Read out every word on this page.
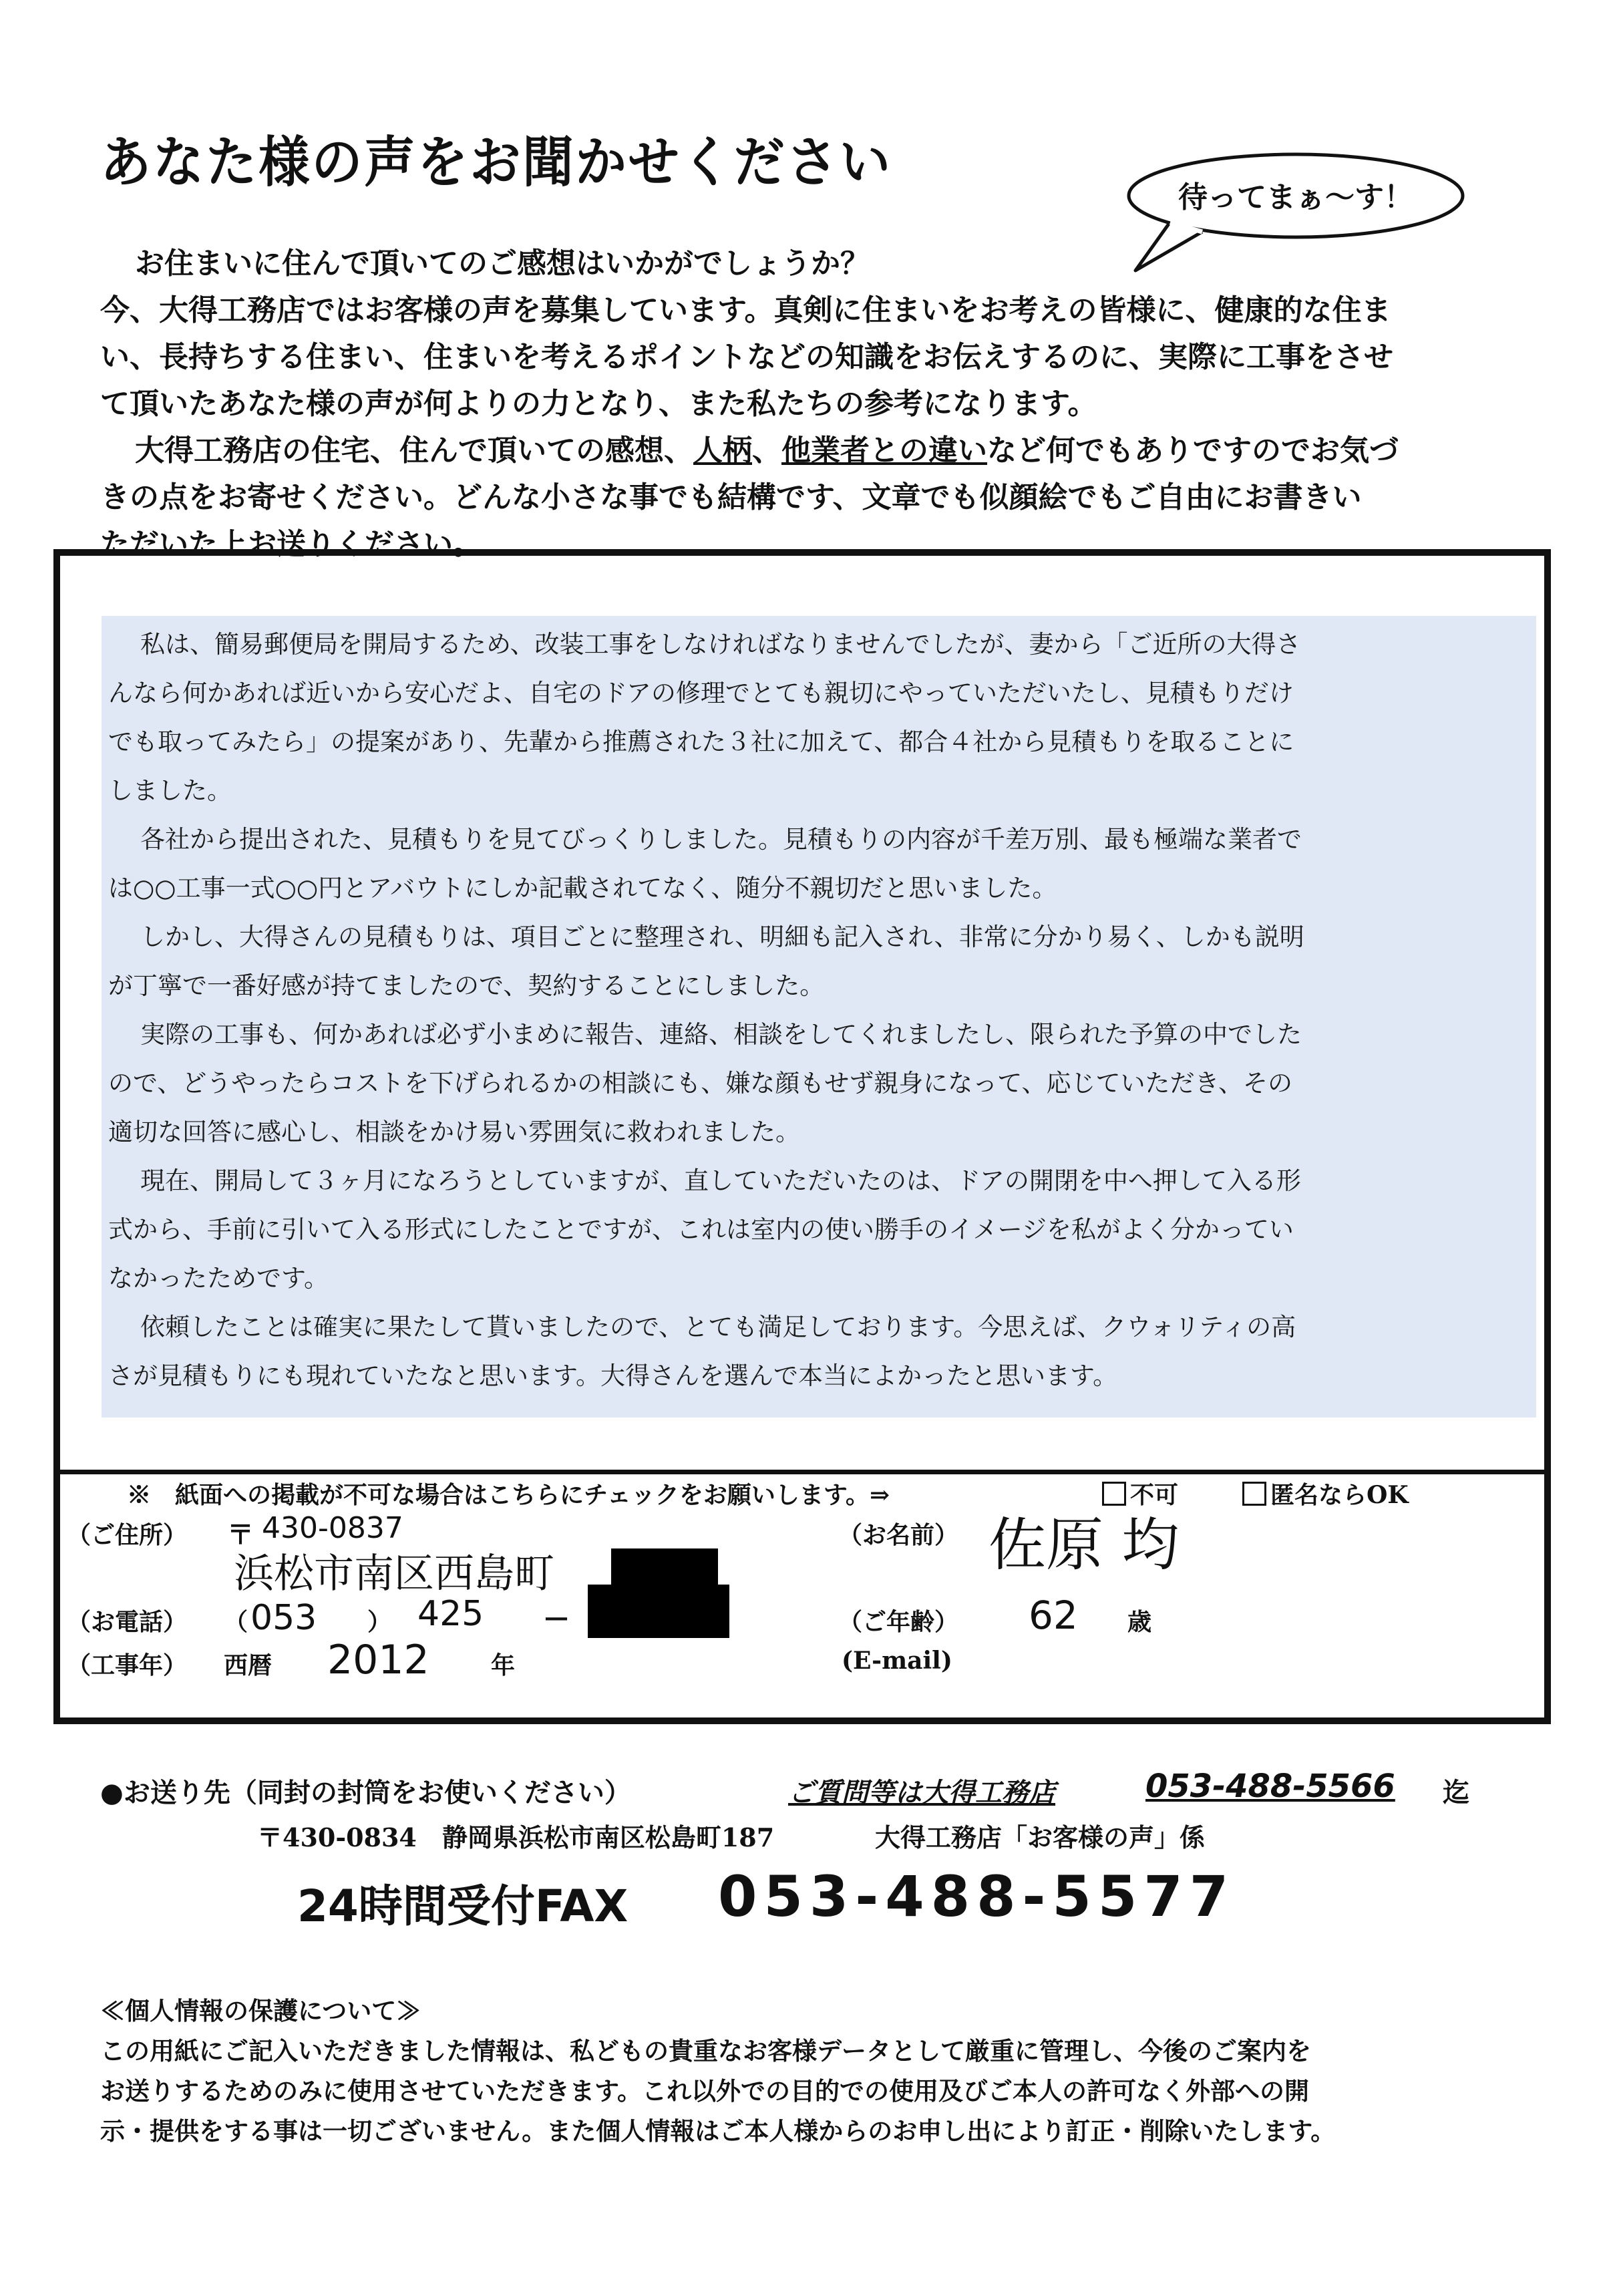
あなた様の声をお聞かせください
待ってまぁ～す！

お住まいに住んで頂いてのご感想はいかがでしょうか？

今、大得工務店ではお客様の声を募集しています。真剣に住まいをお考えの皆様に、健康的な住ま

い、長持ちする住まい、住まいを考えるポイントなどの知識をお伝えするのに、実際に工事をさせ

て頂いたあなた様の声が何よりの力となり、また私たちの参考になります。

大得工務店の住宅、住んで頂いての感想、人柄、他業者との違いなど何でもありですのでお気づ

きの点をお寄せください。どんな小さな事でも結構です、文章でも似顔絵でもご自由にお書きい

ただいた上お送りください。

私は、簡易郵便局を開局するため、改装工事をしなければなりませんでしたが、妻から「ご近所の大得さ

んなら何かあれば近いから安心だよ、自宅のドアの修理でとても親切にやっていただいたし、見積もりだけ

でも取ってみたら」の提案があり、先輩から推薦された３社に加えて、都合４社から見積もりを取ることに

しました。

各社から提出された、見積もりを見てびっくりしました。見積もりの内容が千差万別、最も極端な業者で

は○○工事一式○○円とアバウトにしか記載されてなく、随分不親切だと思いました。

しかし、大得さんの見積もりは、項目ごとに整理され、明細も記入され、非常に分かり易く、しかも説明

が丁寧で一番好感が持てましたので、契約することにしました。

実際の工事も、何かあれば必ず小まめに報告、連絡、相談をしてくれましたし、限られた予算の中でした

ので、どうやったらコストを下げられるかの相談にも、嫌な顔もせず親身になって、応じていただき、その

適切な回答に感心し、相談をかけ易い雰囲気に救われました。

現在、開局して３ヶ月になろうとしていますが、直していただいたのは、ドアの開閉を中へ押して入る形

式から、手前に引いて入る形式にしたことですが、これは室内の使い勝手のイメージを私がよく分かってい

なかったためです。

依頼したことは確実に果たして貰いましたので、とても満足しております。今思えば、クウォリティの高

さが見積もりにも現れていたなと思います。大得さんを選んで本当によかったと思います。

※　紙面への掲載が不可な場合はこちらにチェックをお願いします。⇒	不可	匿名ならOK
（ご住所） 〒 430-0837
浜松市南区西島町
（お名前） 佐原 均
（お電話） （ 053 ） 425	—	（ご年齢） 62 歳
（工事年） 西暦 2012	年	(E-mail)
●お送り先（同封の封筒をお使いください）	ご質問等は大得工務店	053-488-5566 迄
〒430-0834　静岡県浜松市南区松島町187	大得工務店「お客様の声」係
24時間受付FAX 053-488-5577
≪個人情報の保護について≫
この用紙にご記入いただきました情報は、私どもの貴重なお客様データとして厳重に管理し、今後のご案内を
お送りするためのみに使用させていただきます。これ以外での目的での使用及びご本人の許可なく外部への開
示・提供をする事は一切ございません。また個人情報はご本人様からのお申し出により訂正・削除いたします。
